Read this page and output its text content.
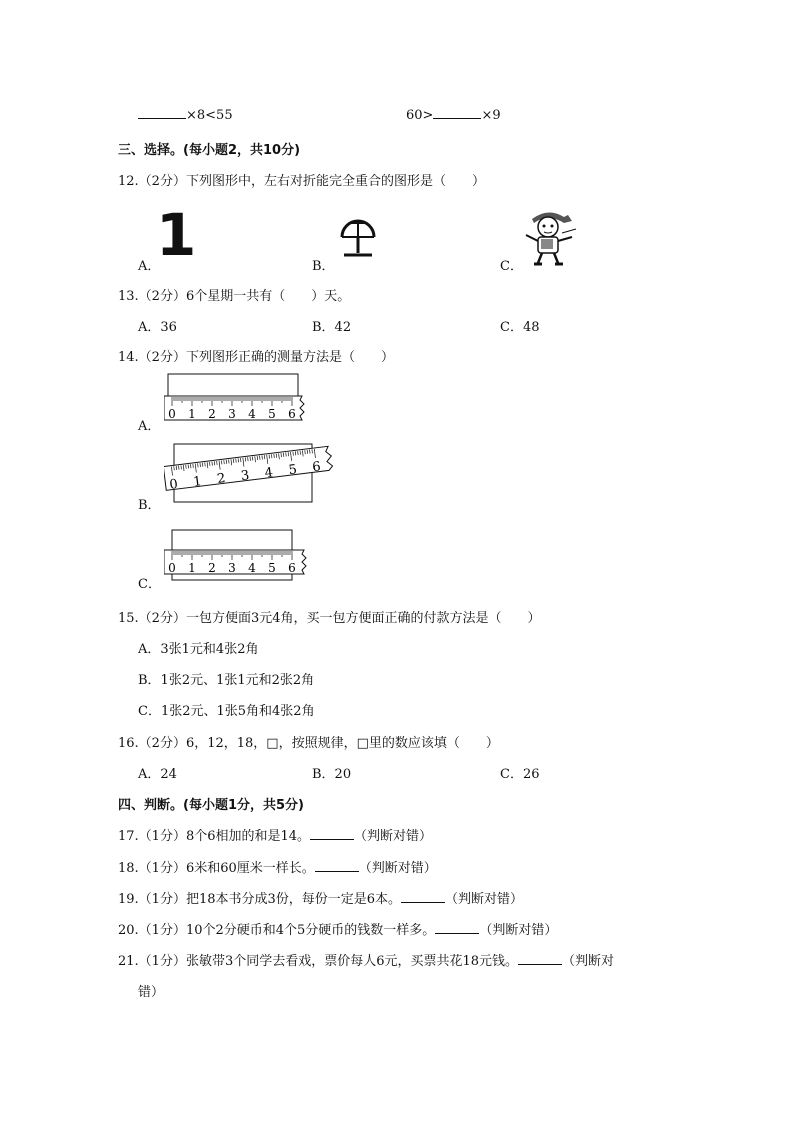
×8<55	60>	×9
三、选择。(每小题2，共10分)
12.（2分）下列图形中，左右对折能完全重合的图形是（　　）
A．
1	B．	C．
13.（2分）6个星期一共有（　　）天。
A．36	B．42	C．48
14.（2分）下列图形正确的测量方法是（　　）
A．
0 1 2 3 4 5 6
B．
0 1 2 3 4 5 6
C．
0 1 2 3 4 5 6
15.（2分）一包方便面3元4角，买一包方便面正确的付款方法是（　　）
A．3张1元和4张2角
B．1张2元、1张1元和2张2角
C．1张2元、1张5角和4张2角
16.（2分）6，12，18，□，按照规律，□里的数应该填（　　）
A．24	B．20	C．26
四、判断。(每小题1分，共5分)
17.（1分）8个6相加的和是14。	（判断对错）
18.（1分）6米和60厘米一样长。	（判断对错）
19.（1分）把18本书分成3份，每份一定是6本。	（判断对错）
20.（1分）10个2分硬币和4个5分硬币的钱数一样多。	（判断对错）
21.（1分）张敏带3个同学去看戏，票价每人6元，买票共花18元钱。	（判断对
错）
